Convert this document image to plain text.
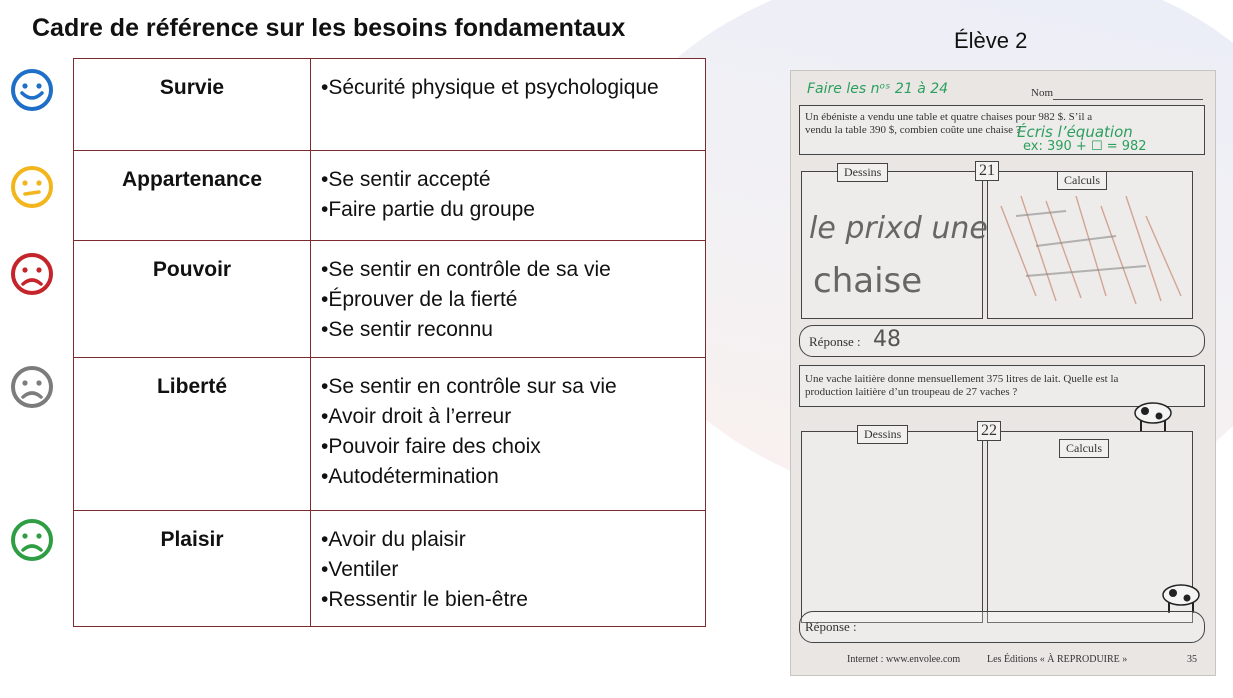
Cadre de référence sur les besoins fondamentaux	Élève 2
Survie	•Sécurité physique et psychologique

Appartenance	•Se sentir accepté
•Faire partie du groupe

Pouvoir	•Se sentir en contrôle de sa vie
•Éprouver de la fierté
•Se sentir reconnu

Liberté	•Se sentir en contrôle sur sa vie
•Avoir droit à l’erreur
•Pouvoir faire des choix
•Autodétermination

Plaisir	•Avoir du plaisir
•Ventiler
•Ressentir le bien-être
Faire les nᵒˢ 21 à 24	Nom
Un ébéniste a vendu une table et quatre chaises pour 982 $. S’il a vendu la table 390 $, combien coûte une chaise ?
Écris l’équation
ex: 390 + ☐ = 982
Dessins
Calculs
21
le prixd une
chaise
Réponse : 48
Une vache laitière donne mensuellement 375 litres de lait. Quelle est la production laitière d’un troupeau de 27 vaches ?
Dessins
Calculs
22
Réponse :
Internet : www.envolee.com	Les Éditions « À REPRODUIRE »	35
